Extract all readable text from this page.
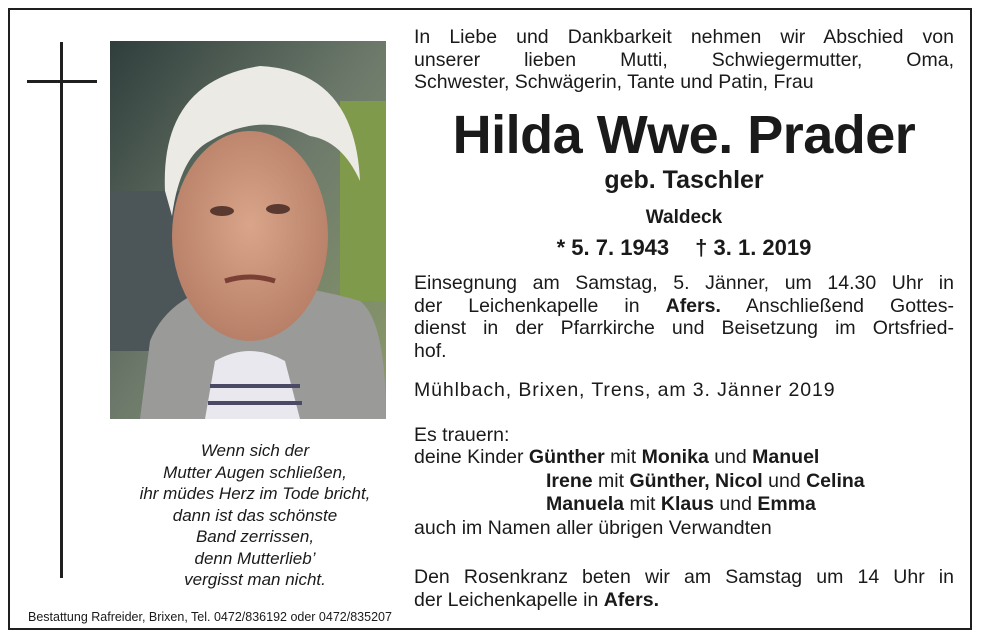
Wenn sich der
Mutter Augen schließen,
ihr müdes Herz im Tode bricht,
dann ist das schönste
Band zerrissen,
denn Mutterlieb’
vergisst man nicht.
Bestattung Rafreider, Brixen, Tel. 0472/836192 oder 0472/835207
In Liebe und Dankbarkeit nehmen wir Abschied von
unserer lieben Mutti, Schwiegermutter, Oma,
Schwester, Schwägerin, Tante und Patin, Frau
Hilda Wwe. Prader
geb. Taschler
Waldeck
* 5. 7. 1943 † 3. 1. 2019
Einsegnung am Samstag, 5. Jänner, um 14.30 Uhr in
der Leichenkapelle in Afers. Anschließend Gottes-
dienst in der Pfarrkirche und Beisetzung im Ortsfried-
hof.
Mühlbach, Brixen, Trens, am 3. Jänner 2019
Es trauern:
deine Kinder Günther mit Monika und Manuel
Irene mit Günther, Nicol und Celina
Manuela mit Klaus und Emma
auch im Namen aller übrigen Verwandten
Den Rosenkranz beten wir am Samstag um 14 Uhr in
der Leichenkapelle in Afers.
